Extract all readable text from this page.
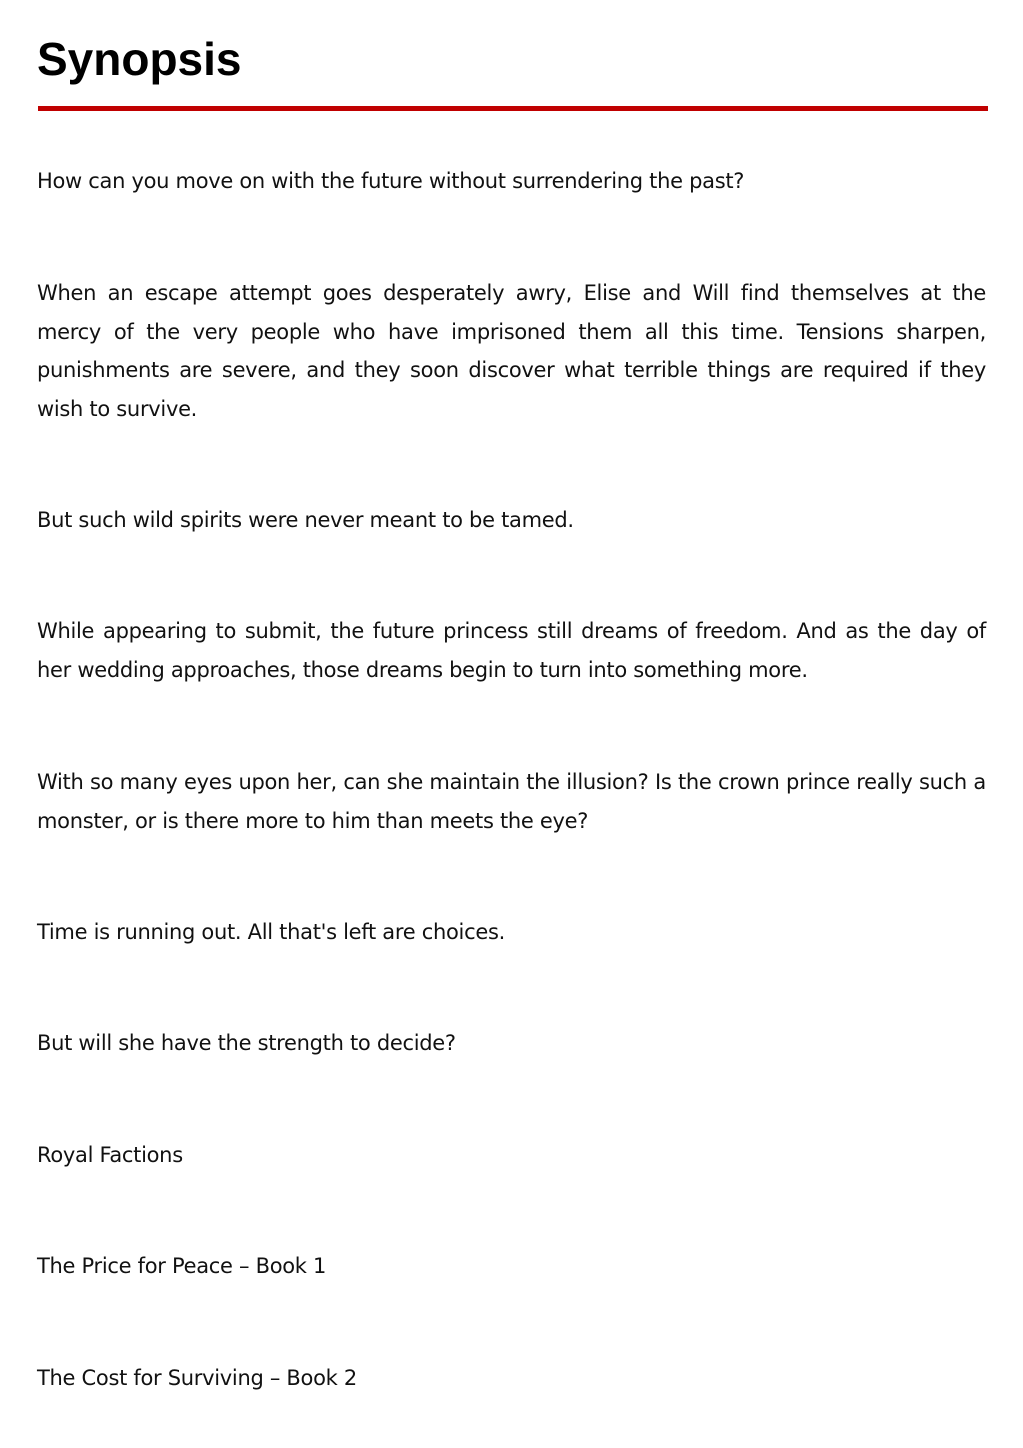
Synopsis

How can you move on with the future without surrendering the past?

When an escape attempt goes desperately awry, Elise and Will find themselves at the mercy of the very people who have imprisoned them all this time. Tensions sharpen, punishments are severe, and they soon discover what terrible things are required if they wish to survive.

But such wild spirits were never meant to be tamed.

While appearing to submit, the future princess still dreams of freedom. And as the day of her wedding approaches, those dreams begin to turn into something more.

With so many eyes upon her, can she maintain the illusion? Is the crown prince really such a monster, or is there more to him than meets the eye?

Time is running out. All that's left are choices.

But will she have the strength to decide?

Royal Factions

The Price for Peace – Book 1

The Cost for Surviving – Book 2
